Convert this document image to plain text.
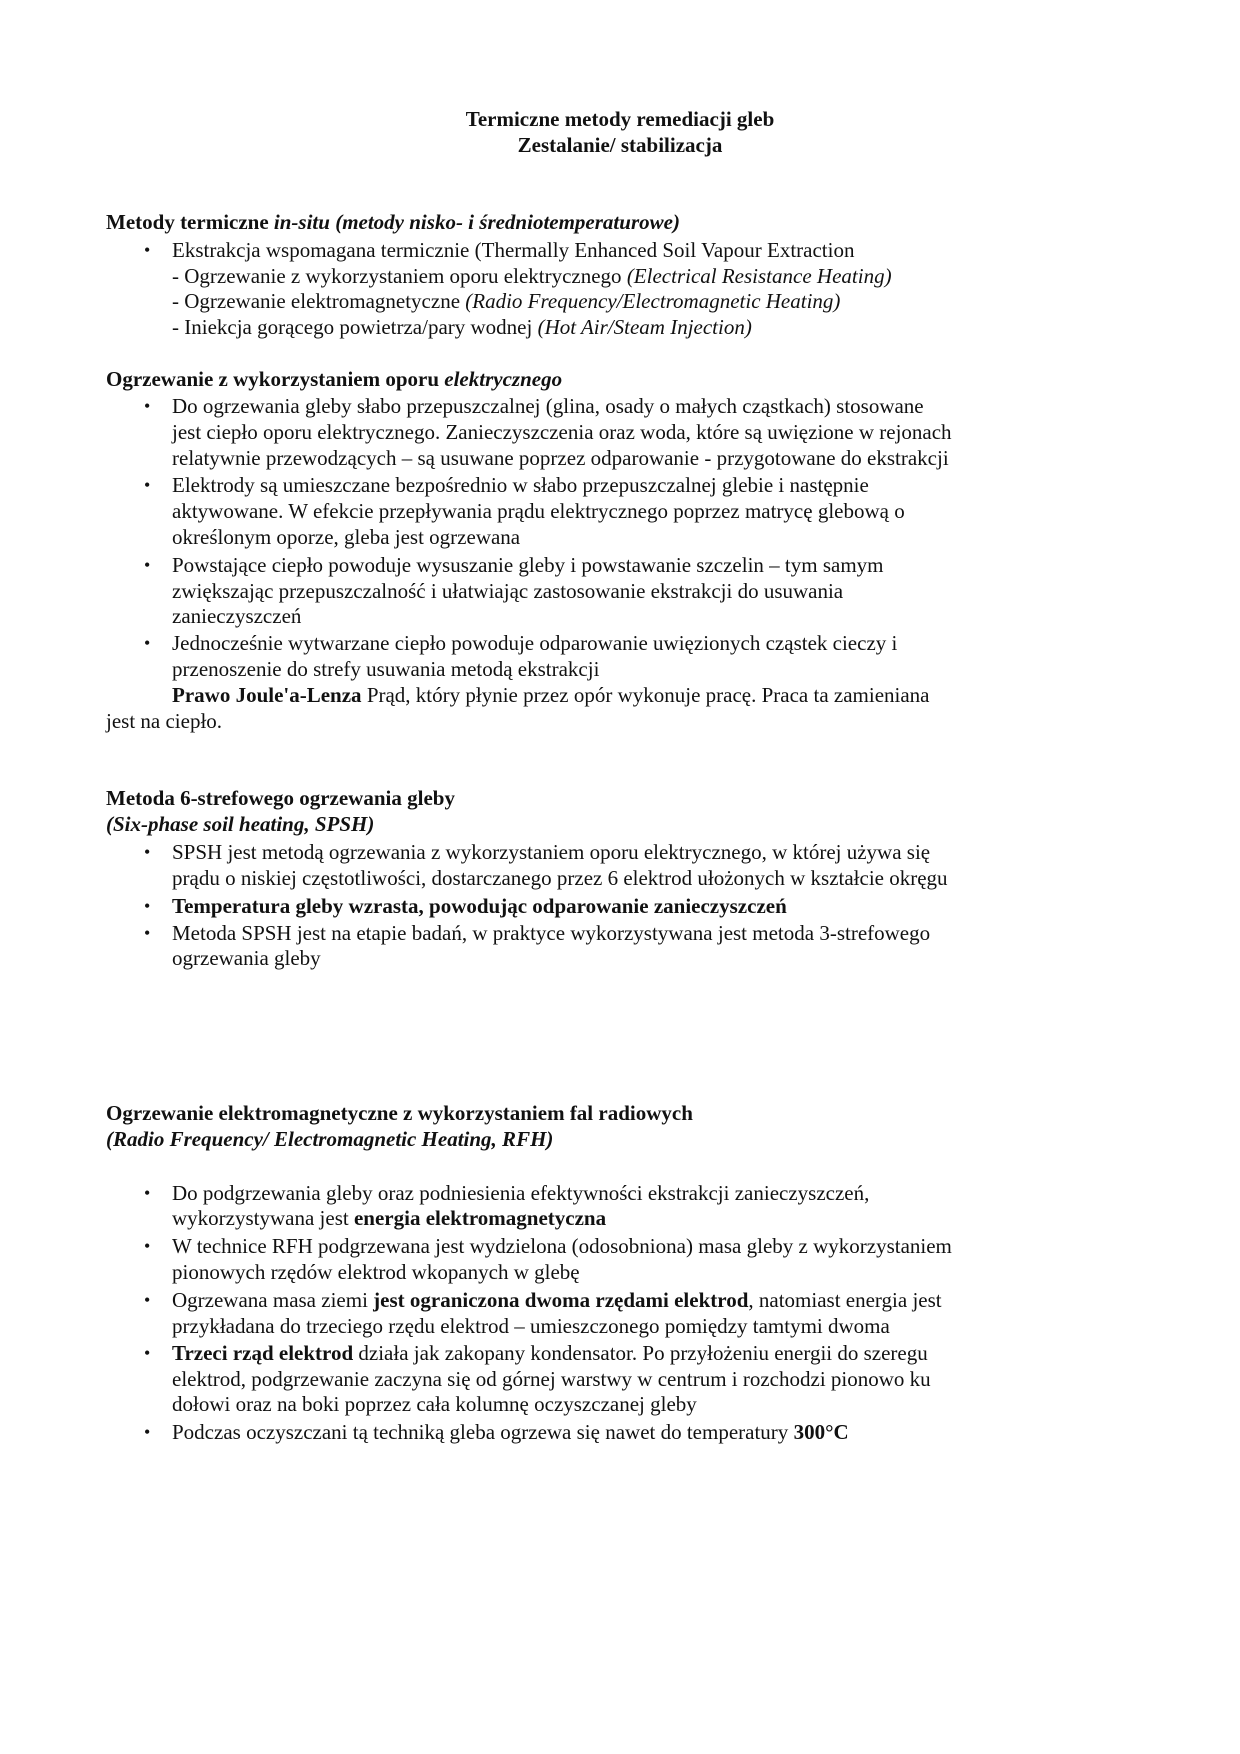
Termiczne metody remediacji gleb
Zestalanie/ stabilizacja
Metody termiczne in-situ (metody nisko- i średniotemperaturowe)
• Ekstrakcja wspomagana termicznie (Thermally Enhanced Soil Vapour Extraction
- Ogrzewanie z wykorzystaniem oporu elektrycznego (Electrical Resistance Heating)
- Ogrzewanie elektromagnetyczne (Radio Frequency/Electromagnetic Heating)
- Iniekcja gorącego powietrza/pary wodnej (Hot Air/Steam Injection)
Ogrzewanie z wykorzystaniem oporu elektrycznego
• Do ogrzewania gleby słabo przepuszczalnej (glina, osady o małych cząstkach) stosowane
jest ciepło oporu elektrycznego. Zanieczyszczenia oraz woda, które są uwięzione w rejonach
relatywnie przewodzących – są usuwane poprzez odparowanie - przygotowane do ekstrakcji
• Elektrody są umieszczane bezpośrednio w słabo przepuszczalnej glebie i następnie
aktywowane. W efekcie przepływania prądu elektrycznego poprzez matrycę glebową o
określonym oporze, gleba jest ogrzewana
• Powstające ciepło powoduje wysuszanie gleby i powstawanie szczelin – tym samym
zwiększając przepuszczalność i ułatwiając zastosowanie ekstrakcji do usuwania
zanieczyszczeń
• Jednocześnie wytwarzane ciepło powoduje odparowanie uwięzionych cząstek cieczy i
przenoszenie do strefy usuwania metodą ekstrakcji
Prawo Joule'a-Lenza Prąd, który płynie przez opór wykonuje pracę. Praca ta zamieniana
jest na ciepło.
Metoda 6-strefowego ogrzewania gleby
(Six-phase soil heating, SPSH)
• SPSH jest metodą ogrzewania z wykorzystaniem oporu elektrycznego, w której używa się
prądu o niskiej częstotliwości, dostarczanego przez 6 elektrod ułożonych w kształcie okręgu
• Temperatura gleby wzrasta, powodując odparowanie zanieczyszczeń
• Metoda SPSH jest na etapie badań, w praktyce wykorzystywana jest metoda 3-strefowego
ogrzewania gleby
Ogrzewanie elektromagnetyczne z wykorzystaniem fal radiowych
(Radio Frequency/ Electromagnetic Heating, RFH)
• Do podgrzewania gleby oraz podniesienia efektywności ekstrakcji zanieczyszczeń,
wykorzystywana jest energia elektromagnetyczna
• W technice RFH podgrzewana jest wydzielona (odosobniona) masa gleby z wykorzystaniem
pionowych rzędów elektrod wkopanych w glebę
• Ogrzewana masa ziemi jest ograniczona dwoma rzędami elektrod, natomiast energia jest
przykładana do trzeciego rzędu elektrod – umieszczonego pomiędzy tamtymi dwoma
• Trzeci rząd elektrod działa jak zakopany kondensator. Po przyłożeniu energii do szeregu
elektrod, podgrzewanie zaczyna się od górnej warstwy w centrum i rozchodzi pionowo ku
dołowi oraz na boki poprzez cała kolumnę oczyszczanej gleby
• Podczas oczyszczani tą techniką gleba ogrzewa się nawet do temperatury 300°C
